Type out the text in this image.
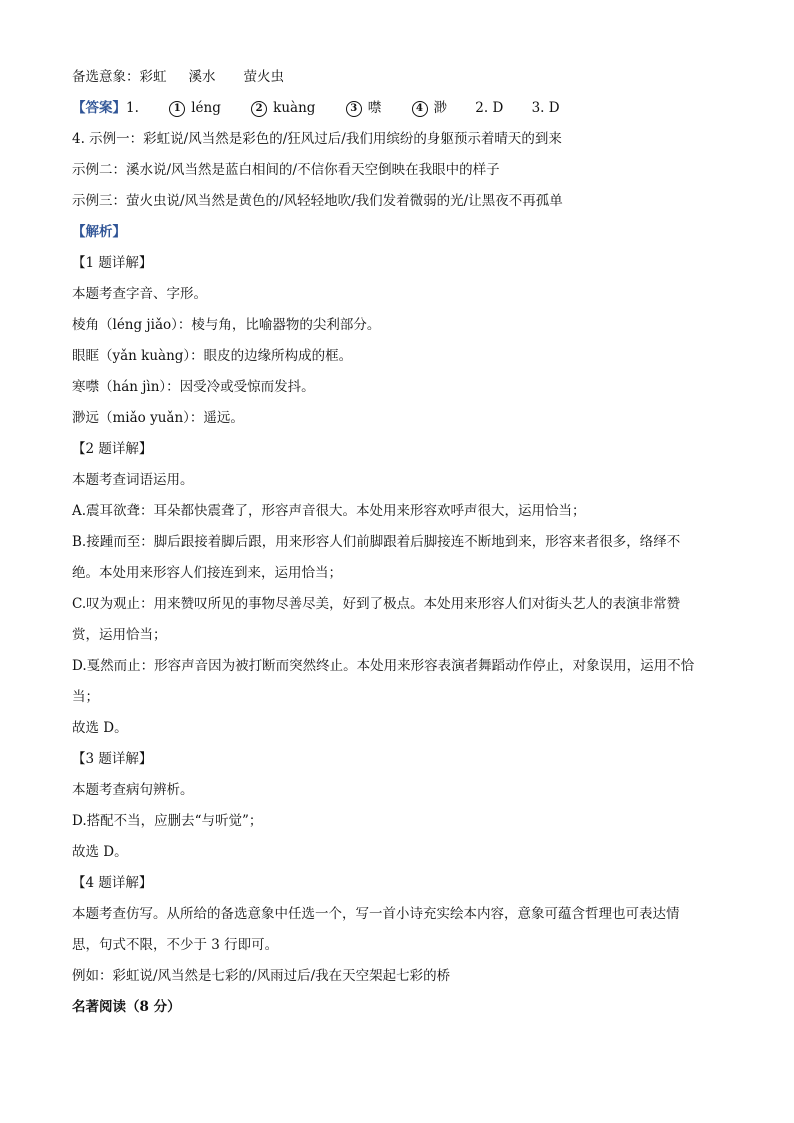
备选意象：彩虹 溪水 萤火虫
【答案】1.	1 léng	2 kuàng	3 噤	4 渺 2. D 3. D
4. 示例一：彩虹说/风当然是彩色的/狂风过后/我们用缤纷的身躯预示着晴天的到来
示例二：溪水说/风当然是蓝白相间的/不信你看天空倒映在我眼中的样子
示例三：萤火虫说/风当然是黄色的/风轻轻地吹/我们发着微弱的光/让黑夜不再孤单
【解析】
【1 题详解】
本题考查字音、字形。
棱角（léng jiǎo）：棱与角，比喻器物的尖利部分。
眼眶（yǎn kuàng）：眼皮的边缘所构成的框。
寒噤（hán jìn）：因受冷或受惊而发抖。
渺远（miǎo yuǎn）：遥远。
【2 题详解】
本题考查词语运用。
A.震耳欲聋：耳朵都快震聋了，形容声音很大。本处用来形容欢呼声很大，运用恰当；
B.接踵而至：脚后跟接着脚后跟，用来形容人们前脚跟着后脚接连不断地到来，形容来者很多，络绎不
绝。本处用来形容人们接连到来，运用恰当；
C.叹为观止：用来赞叹所见的事物尽善尽美，好到了极点。本处用来形容人们对街头艺人的表演非常赞
赏，运用恰当；
D.戛然而止：形容声音因为被打断而突然终止。本处用来形容表演者舞蹈动作停止，对象误用，运用不恰
当；
故选 D。
【3 题详解】
本题考查病句辨析。
D.搭配不当，应删去“与听觉”；
故选 D。
【4 题详解】
本题考查仿写。从所给的备选意象中任选一个，写一首小诗充实绘本内容，意象可蕴含哲理也可表达情
思，句式不限，不少于 3 行即可。
例如：彩虹说/风当然是七彩的/风雨过后/我在天空架起七彩的桥
名著阅读（8 分）
